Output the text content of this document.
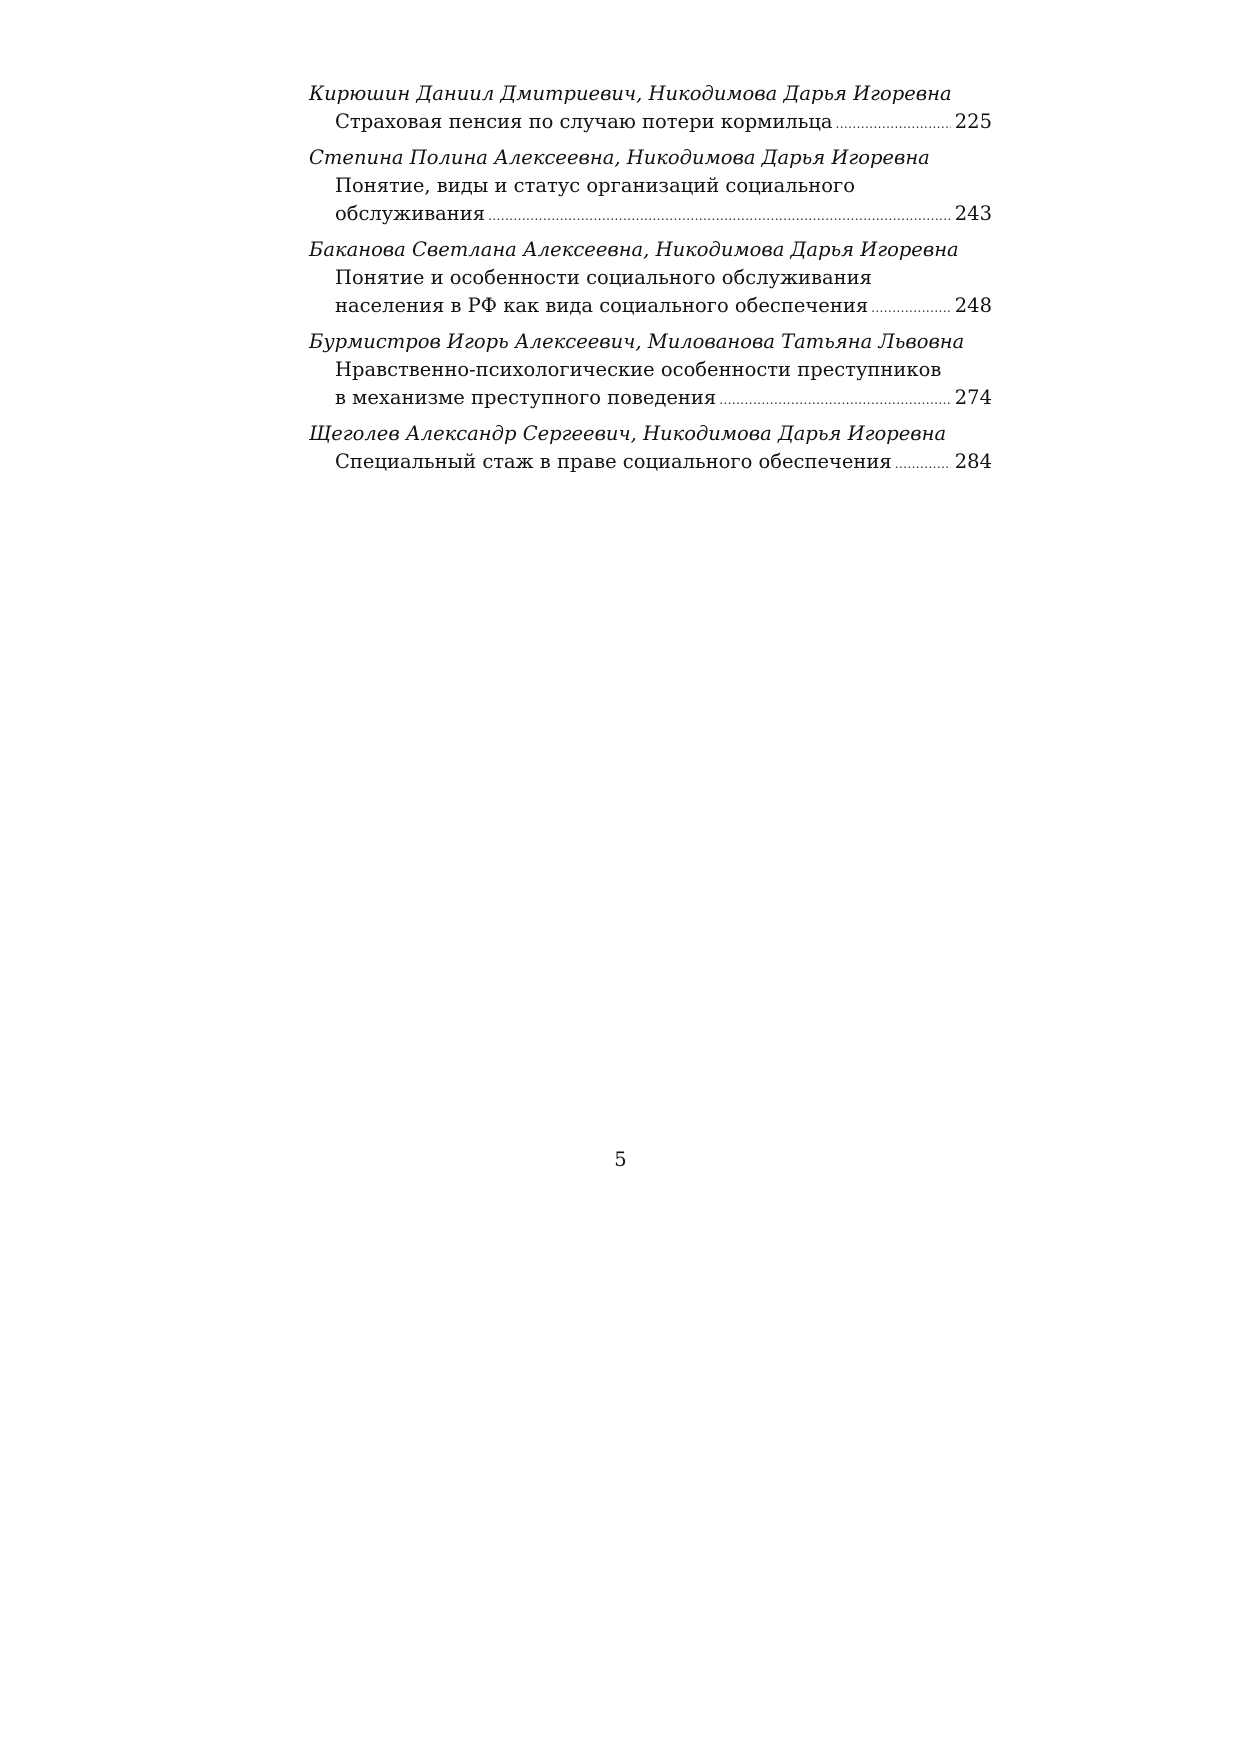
Кирюшин Даниил Дмитриевич, Никодимова Дарья Игоревна
Страховая пенсия по случаю потери кормильца .....	225
Степина Полина Алексеевна, Никодимова Дарья Игоревна
Понятие, виды и статус организаций социального
обслуживания .....	243
Баканова Светлана Алексеевна, Никодимова Дарья Игоревна
Понятие и особенности социального обслуживания
населения в РФ как вида социального обеспечения .....	248
Бурмистров Игорь Алексеевич, Милованова Татьяна Львовна
Нравственно-психологические особенности преступников
в механизме преступного поведения .....	274
Щеголев Александр Сергеевич, Никодимова Дарья Игоревна
Специальный стаж в праве социального обеспечения .....	284
5
